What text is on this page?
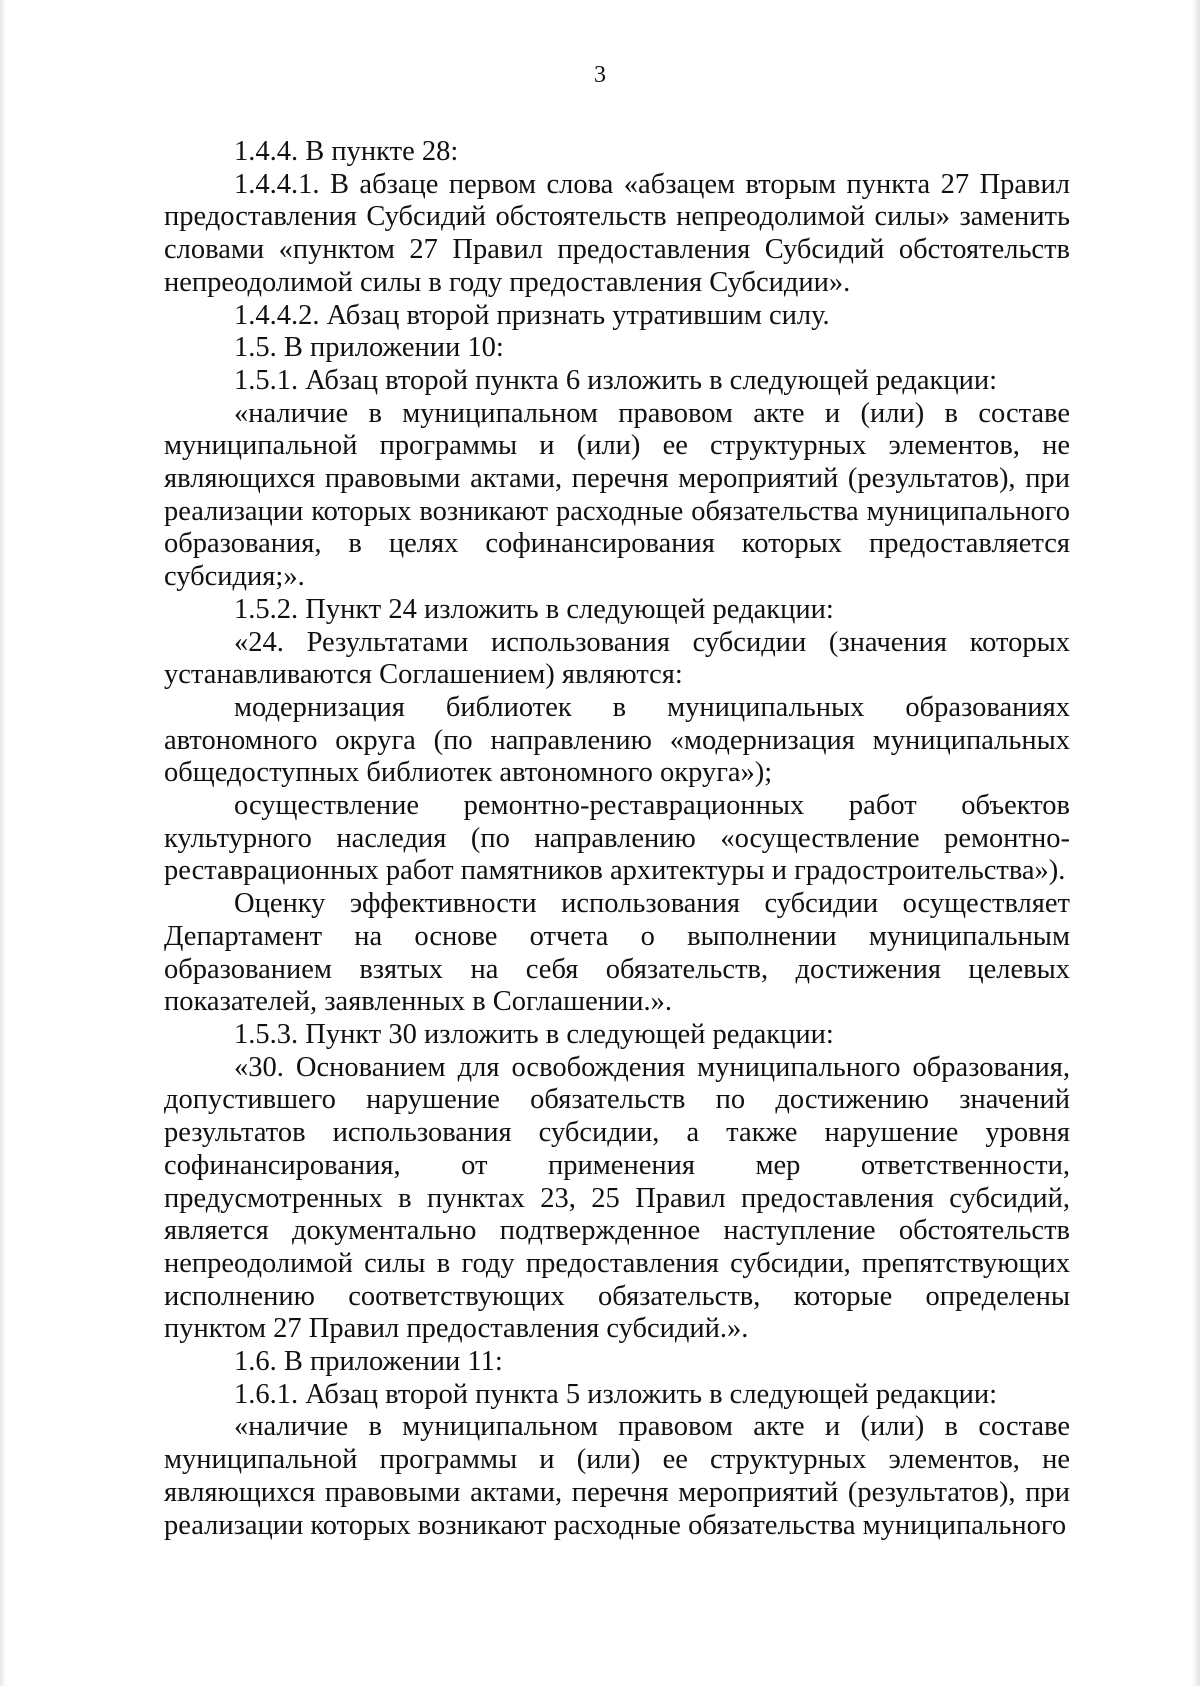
3

1.4.4. В пункте 28:

1.4.4.1. В абзаце первом слова «абзацем вторым пункта 27 Правил предоставления Субсидий обстоятельств непреодолимой силы» заменить словами «пунктом 27 Правил предоставления Субсидий обстоятельств непреодолимой силы в году предоставления Субсидии».

1.4.4.2. Абзац второй признать утратившим силу.

1.5. В приложении 10:

1.5.1. Абзац второй пункта 6 изложить в следующей редакции:

«наличие в муниципальном правовом акте и (или) в составе муниципальной программы и (или) ее структурных элементов, не являющихся правовыми актами, перечня мероприятий (результатов), при реализации которых возникают расходные обязательства муниципального образования, в целях софинансирования которых предоставляется субсидия;».

1.5.2. Пункт 24 изложить в следующей редакции:

«24. Результатами использования субсидии (значения которых устанавливаются Соглашением) являются:

модернизация библиотек в муниципальных образованиях автономного округа (по направлению «модернизация муниципальных общедоступных библиотек автономного округа»);

осуществление ремонтно-реставрационных работ объектов культурного наследия (по направлению «осуществление ремонтно-реставрационных работ памятников архитектуры и градостроительства»).

Оценку эффективности использования субсидии осуществляет Департамент на основе отчета о выполнении муниципальным образованием взятых на себя обязательств, достижения целевых показателей, заявленных в Соглашении.».

1.5.3. Пункт 30 изложить в следующей редакции:

«30. Основанием для освобождения муниципального образования, допустившего нарушение обязательств по достижению значений результатов использования субсидии, а также нарушение уровня софинансирования, от применения мер ответственности, предусмотренных в пунктах 23, 25 Правил предоставления субсидий, является документально подтвержденное наступление обстоятельств непреодолимой силы в году предоставления субсидии, препятствующих исполнению соответствующих обязательств, которые определены пунктом 27 Правил предоставления субсидий.».

1.6. В приложении 11:

1.6.1. Абзац второй пункта 5 изложить в следующей редакции:

«наличие в муниципальном правовом акте и (или) в составе муниципальной программы и (или) ее структурных элементов, не являющихся правовыми актами, перечня мероприятий (результатов), при реализации которых возникают расходные обязательства муниципального
